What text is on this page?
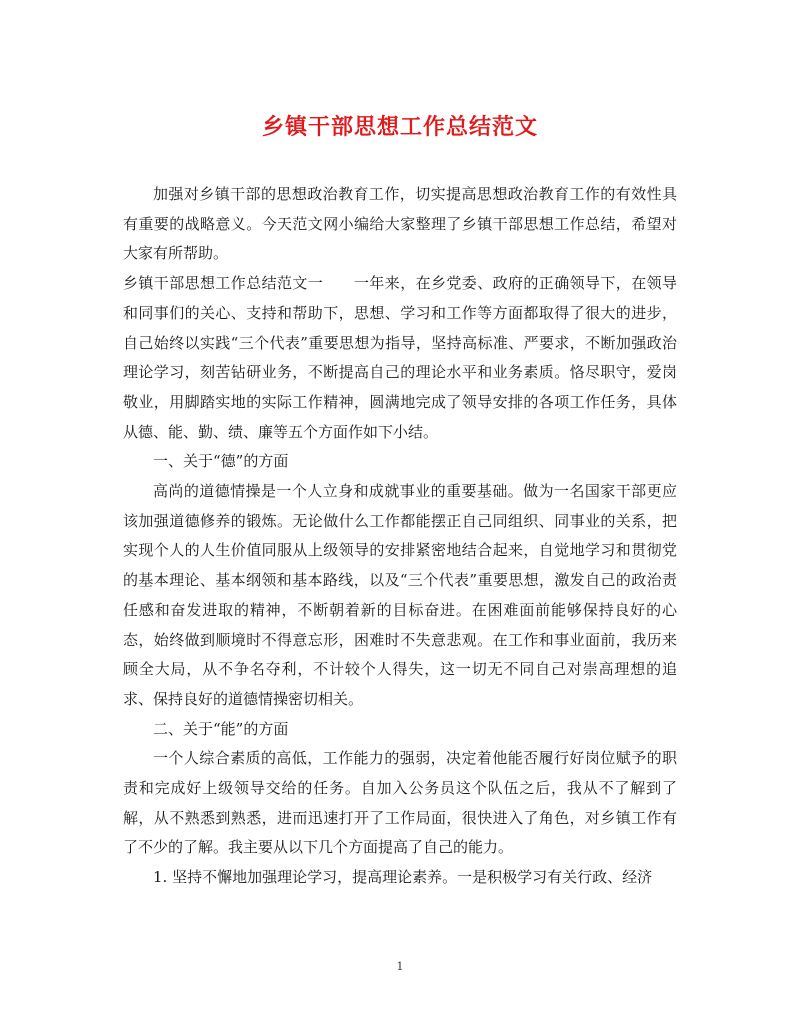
乡镇干部思想工作总结范文

加强对乡镇干部的思想政治教育工作，切实提高思想政治教育工作的有效性具有重要的战略意义。今天范文网小编给大家整理了乡镇干部思想工作总结，希望对大家有所帮助。

乡镇干部思想工作总结范文一　　一年来，在乡党委、政府的正确领导下，在领导和同事们的关心、支持和帮助下，思想、学习和工作等方面都取得了很大的进步，自己始终以实践“三个代表”重要思想为指导，坚持高标准、严要求，不断加强政治理论学习，刻苦钻研业务，不断提高自己的理论水平和业务素质。恪尽职守，爱岗敬业，用脚踏实地的实际工作精神，圆满地完成了领导安排的各项工作任务，具体从德、能、勤、绩、廉等五个方面作如下小结。

一、关于“德”的方面

高尚的道德情操是一个人立身和成就事业的重要基础。做为一名国家干部更应该加强道德修养的锻炼。无论做什么工作都能摆正自己同组织、同事业的关系，把实现个人的人生价值同服从上级领导的安排紧密地结合起来，自觉地学习和贯彻党的基本理论、基本纲领和基本路线，以及“三个代表”重要思想，激发自己的政治责任感和奋发进取的精神，不断朝着新的目标奋进。在困难面前能够保持良好的心态，始终做到顺境时不得意忘形，困难时不失意悲观。在工作和事业面前，我历来顾全大局，从不争名夺利，不计较个人得失，这一切无不同自己对崇高理想的追求、保持良好的道德情操密切相关。

二、关于“能”的方面

一个人综合素质的高低，工作能力的强弱，决定着他能否履行好岗位赋予的职责和完成好上级领导交给的任务。自加入公务员这个队伍之后，我从不了解到了解，从不熟悉到熟悉，进而迅速打开了工作局面，很快进入了角色，对乡镇工作有了不少的了解。我主要从以下几个方面提高了自己的能力。

1. 坚持不懈地加强理论学习，提高理论素养。一是积极学习有关行政、经济

1
